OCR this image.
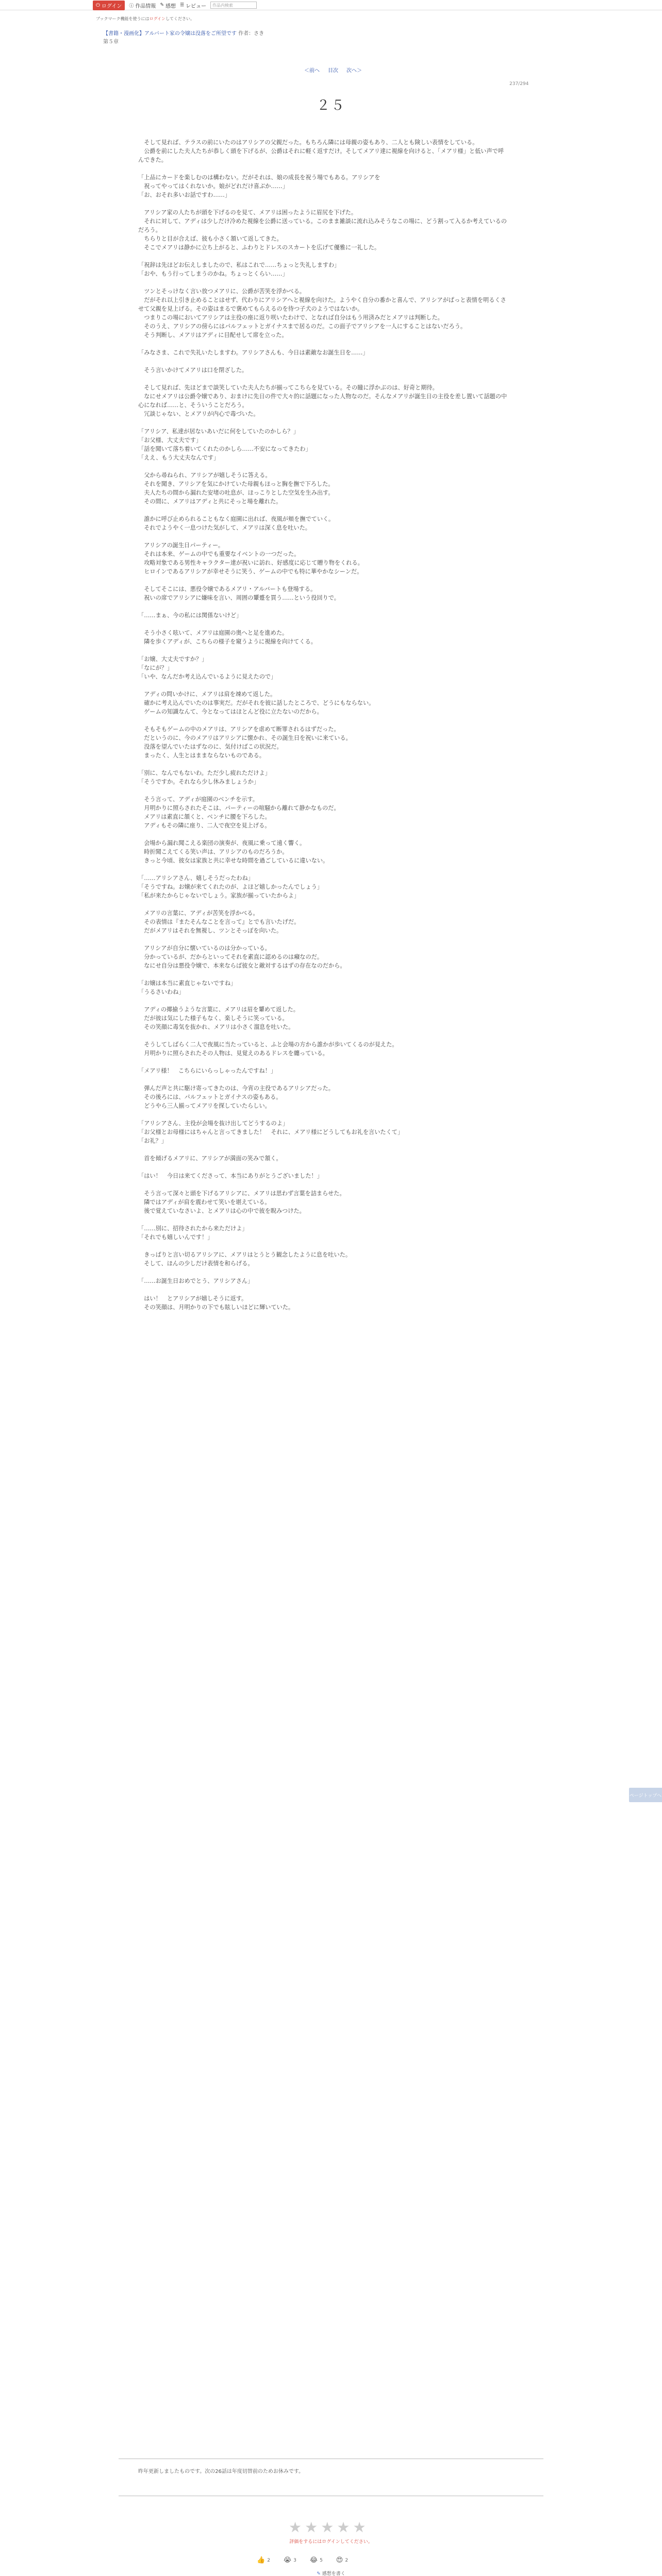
⏻ ログイン ⓘ 作品情報 ✎ 感想 ☰ レビュー	作品内検索
ブックマーク機能を使うにはログインしてください。
【書籍・漫画化】アルバート家の令嬢は没落をご所望です 作者：さき
第５章
＜前へ 目次 次へ＞
237/294
２５

　そして見れば、テラスの前にいたのはアリシアの父親だった。もちろん隣には母親の姿もあり、二人とも険しい表情をしている。

　公爵を前にした夫人たちが恭しく頭を下げるが、公爵はそれに軽く返すだけ。そしてメアリ達に視線を向けると、「メアリ様」と低い声で呼んできた。

「上品にカードを楽しむのは構わない。だがそれは、娘の成長を祝う場でもある。アリシアを

　祝ってやってはくれないか。娘がどれだけ喜ぶか……」

「お、おそれ多いお話ですわ……」

　アリシア家の人たちが頭を下げるのを見て、メアリは困ったように眉尻を下げた。

　それに対して、アディは少しだけ冷めた視線を公爵に送っている。このまま雑談に流れ込みそうなこの場に、どう割って入るか考えているのだろう。

　ちらりと目が合えば、彼も小さく頷いて返してきた。

　そこでメアリは静かに立ち上がると、ふわりとドレスのスカートを広げて優雅に一礼した。

「祝辞は先ほどお伝えしましたので、私はこれで……ちょっと失礼しますわ」

「おや、もう行ってしまうのかね。ちょっとくらい……」

　ツンとそっけなく言い放つメアリに、公爵が苦笑を浮かべる。

　だがそれ以上引き止めることはせず、代わりにアリシアへと視線を向けた。ようやく自分の番かと喜んで、アリシアがぱっと表情を明るくさせて父親を見上げる。その姿はまるで褒めてもらえるのを待つ子犬のようではないか。

　つまりこの場においてアリシアは主役の座に返り咲いたわけで、となれば自分はもう用済みだとメアリは判断した。

　そのうえ、アリシアの傍らにはパルフェットとガイナスまで居るのだ。この面子でアリシアを一人にすることはないだろう。

　そう判断し、メアリはアディに目配せして席を立った。

「みなさま、これで失礼いたしますわ。アリシアさんも、今日は素敵なお誕生日を……」

　そう言いかけてメアリは口を閉ざした。

　そして見れば、先ほどまで談笑していた夫人たちが揃ってこちらを見ている。その瞳に浮かぶのは、好奇と期待。

　なにせメアリは公爵令嬢であり、おまけに先日の件で大々的に話題になった人物なのだ。そんなメアリが誕生日の主役を差し置いて話題の中心になれば……と、そういうことだろう。

　冗談じゃない、とメアリが内心で毒づいた。

「アリシア、私達が居ないあいだに何をしていたのかしら？」

「お父様、大丈夫です」

「話を聞いて落ち着いてくれたのかしら……不安になってきたわ」

「ええ、もう大丈夫なんです」

　父から尋ねられ、アリシアが嬉しそうに答える。

　それを聞き、アリシアを気にかけていた母親もほっと胸を撫で下ろした。

　夫人たちの間から漏れた安堵の吐息が、ほっこりとした空気を生み出す。

　その間に、メアリはアディと共にそっと場を離れた。

　誰かに呼び止められることもなく庭園に出れば、夜風が頬を撫でていく。

　それでようやく一息つけた気がして、メアリは深く息を吐いた。

　アリシアの誕生日パーティー。

　それは本来、ゲームの中でも重要なイベントの一つだった。

　攻略対象である男性キャラクター達が祝いに訪れ、好感度に応じて贈り物をくれる。

　ヒロインであるアリシアが幸せそうに笑う、ゲームの中でも特に華やかなシーンだ。

　そしてそこには、悪役令嬢であるメアリ・アルバートも登場する。

　祝いの席でアリシアに嫌味を言い、周囲の顰蹙を買う……という役回りで。

「……まぁ、今の私には関係ないけど」

　そう小さく呟いて、メアリは庭園の奥へと足を進めた。

　隣を歩くアディが、こちらの様子を窺うように視線を向けてくる。

「お嬢、大丈夫ですか？」

「なにが？」

「いや、なんだか考え込んでいるように見えたので」

　アディの問いかけに、メアリは肩を竦めて返した。

　確かに考え込んでいたのは事実だ。だがそれを彼に話したところで、どうにもならない。

　ゲームの知識なんて、今となってはほとんど役に立たないのだから。

　そもそもゲームの中のメアリは、アリシアを虐めて断罪されるはずだった。

　だというのに、今のメアリはアリシアに懐かれ、その誕生日を祝いに来ている。

　没落を望んでいたはずなのに、気付けばこの状況だ。

　まったく、人生とはままならないものである。

「別に、なんでもないわ。ただ少し疲れただけよ」

「そうですか。それなら少し休みましょうか」

　そう言って、アディが庭園のベンチを示す。

　月明かりに照らされたそこは、パーティーの喧騒から離れて静かなものだ。

　メアリは素直に頷くと、ベンチに腰を下ろした。

　アディもその隣に座り、二人で夜空を見上げる。

　会場から漏れ聞こえる楽団の演奏が、夜風に乗って遠く響く。

　時折聞こえてくる笑い声は、アリシアのものだろうか。

　きっと今頃、彼女は家族と共に幸せな時間を過ごしているに違いない。

「……アリシアさん、嬉しそうだったわね」

「そうですね。お嬢が来てくれたのが、よほど嬉しかったんでしょう」

「私が来たからじゃないでしょう。家族が揃っていたからよ」

　メアリの言葉に、アディが苦笑を浮かべる。

　その表情は『またそんなことを言って』とでも言いたげだ。

　だがメアリはそれを無視し、ツンとそっぽを向いた。

　アリシアが自分に懐いているのは分かっている。

　分かっているが、だからといってそれを素直に認めるのは癪なのだ。

　なにせ自分は悪役令嬢で、本来ならば彼女と敵対するはずの存在なのだから。

「お嬢は本当に素直じゃないですね」

「うるさいわね」

　アディの揶揄うような言葉に、メアリは眉を顰めて返した。

　だが彼は気にした様子もなく、楽しそうに笑っている。

　その笑顔に毒気を抜かれ、メアリは小さく溜息を吐いた。

　そうしてしばらく二人で夜風に当たっていると、ふと会場の方から誰かが歩いてくるのが見えた。

　月明かりに照らされたその人物は、見覚えのあるドレスを纏っている。

「メアリ様！　こちらにいらっしゃったんですね！」

　弾んだ声と共に駆け寄ってきたのは、今宵の主役であるアリシアだった。

　その後ろには、パルフェットとガイナスの姿もある。

　どうやら三人揃ってメアリを探していたらしい。

「アリシアさん、主役が会場を抜け出してどうするのよ」

「お父様とお母様にはちゃんと言ってきました！　それに、メアリ様にどうしてもお礼を言いたくて」

「お礼？」

　首を傾げるメアリに、アリシアが満面の笑みで頷く。

「はい！　今日は来てくださって、本当にありがとうございました！」

　そう言って深々と頭を下げるアリシアに、メアリは思わず言葉を詰まらせた。

　隣ではアディが肩を震わせて笑いを堪えている。

　後で覚えていなさいよ、とメアリは心の中で彼を睨みつけた。

「……別に、招待されたから来ただけよ」

「それでも嬉しいんです！」

　きっぱりと言い切るアリシアに、メアリはとうとう観念したように息を吐いた。

　そして、ほんの少しだけ表情を和らげる。

「……お誕生日おめでとう、アリシアさん」

　はい！　とアリシアが嬉しそうに返す。

　その笑顔は、月明かりの下でも眩しいほどに輝いていた。

昨年更新しましたものです。次の26話は年度切替前のためお休みです。
★ ★ ★ ★ ★
評価をするにはログインしてください。
👍 2 😭 3 😂 5 😍 2
✎ 感想を書く
ページトップへ
